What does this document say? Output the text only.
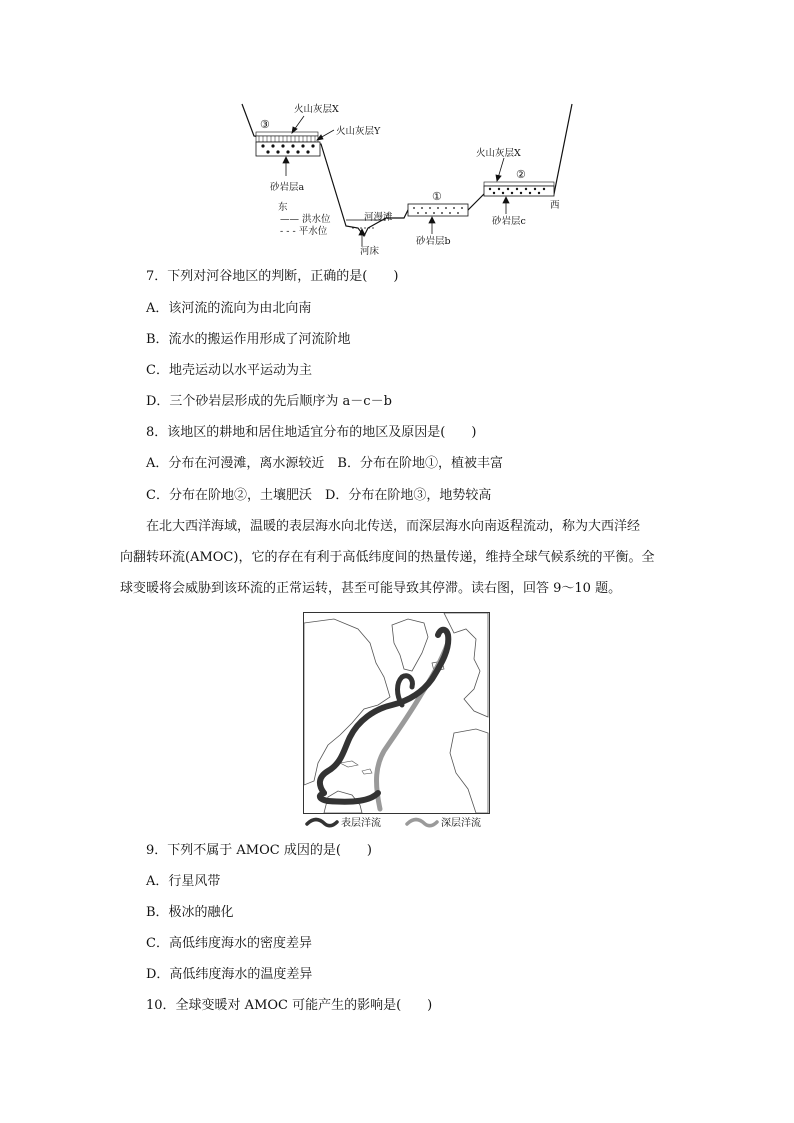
火山灰层X
火山灰层Y
③
砂岩层a
火山灰层X
②
砂岩层c
西
①
砂岩层b
河漫滩
河床
东
—— 洪水位
- - - 平水位
7．下列对河谷地区的判断，正确的是(　　)
A．该河流的流向为由北向南
B．流水的搬运作用形成了河流阶地
C．地壳运动以水平运动为主
D．三个砂岩层形成的先后顺序为 a－c－b
8．该地区的耕地和居住地适宜分布的地区及原因是(　　)
A．分布在河漫滩，离水源较近　B．分布在阶地①，植被丰富
C．分布在阶地②，土壤肥沃　D．分布在阶地③，地势较高
在北大西洋海域，温暖的表层海水向北传送，而深层海水向南返程流动，称为大西洋经
向翻转环流(AMOC)，它的存在有利于高低纬度间的热量传递，维持全球气候系统的平衡。全
球变暖将会威胁到该环流的正常运转，甚至可能导致其停滞。读右图，回答 9～10 题。
表层洋流	深层洋流
9．下列不属于 AMOC 成因的是(　　)
A．行星风带
B．极冰的融化
C．高低纬度海水的密度差异
D．高低纬度海水的温度差异
10．全球变暖对 AMOC 可能产生的影响是(　　)
